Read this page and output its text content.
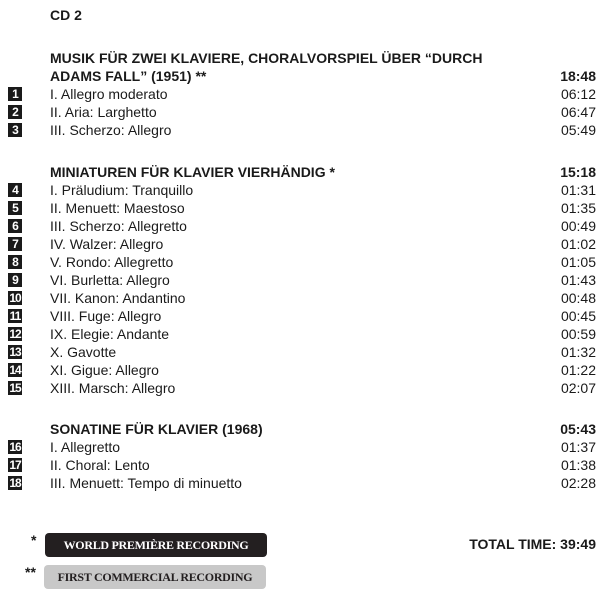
CD 2
MUSIK FÜR ZWEI KLAVIERE, CHORALVORSPIEL ÜBER “DURCH ADAMS FALL” (1951) **	18:48
1 I. Allegro moderato	06:12
2 II. Aria: Larghetto	06:47
3 III. Scherzo: Allegro	05:49
MINIATUREN FÜR KLAVIER VIERHÄNDIG *	15:18
4 I. Präludium: Tranquillo	01:31
5 II. Menuett: Maestoso	01:35
6 III. Scherzo: Allegretto	00:49
7 IV. Walzer: Allegro	01:02
8 V. Rondo: Allegretto	01:05
9 VI. Burletta: Allegro	01:43
10 VII. Kanon: Andantino	00:48
11 VIII. Fuge: Allegro	00:45
12 IX. Elegie: Andante	00:59
13 X. Gavotte	01:32
14 XI. Gigue: Allegro	01:22
15 XIII. Marsch: Allegro	02:07
SONATINE FÜR KLAVIER (1968)	05:43
16 I. Allegretto	01:37
17 II. Choral: Lento	01:38
18 III. Menuett: Tempo di minuetto	02:28
*	WORLD PREMIÈRE RECORDING
**	FIRST COMMERCIAL RECORDING
TOTAL TIME: 39:49
